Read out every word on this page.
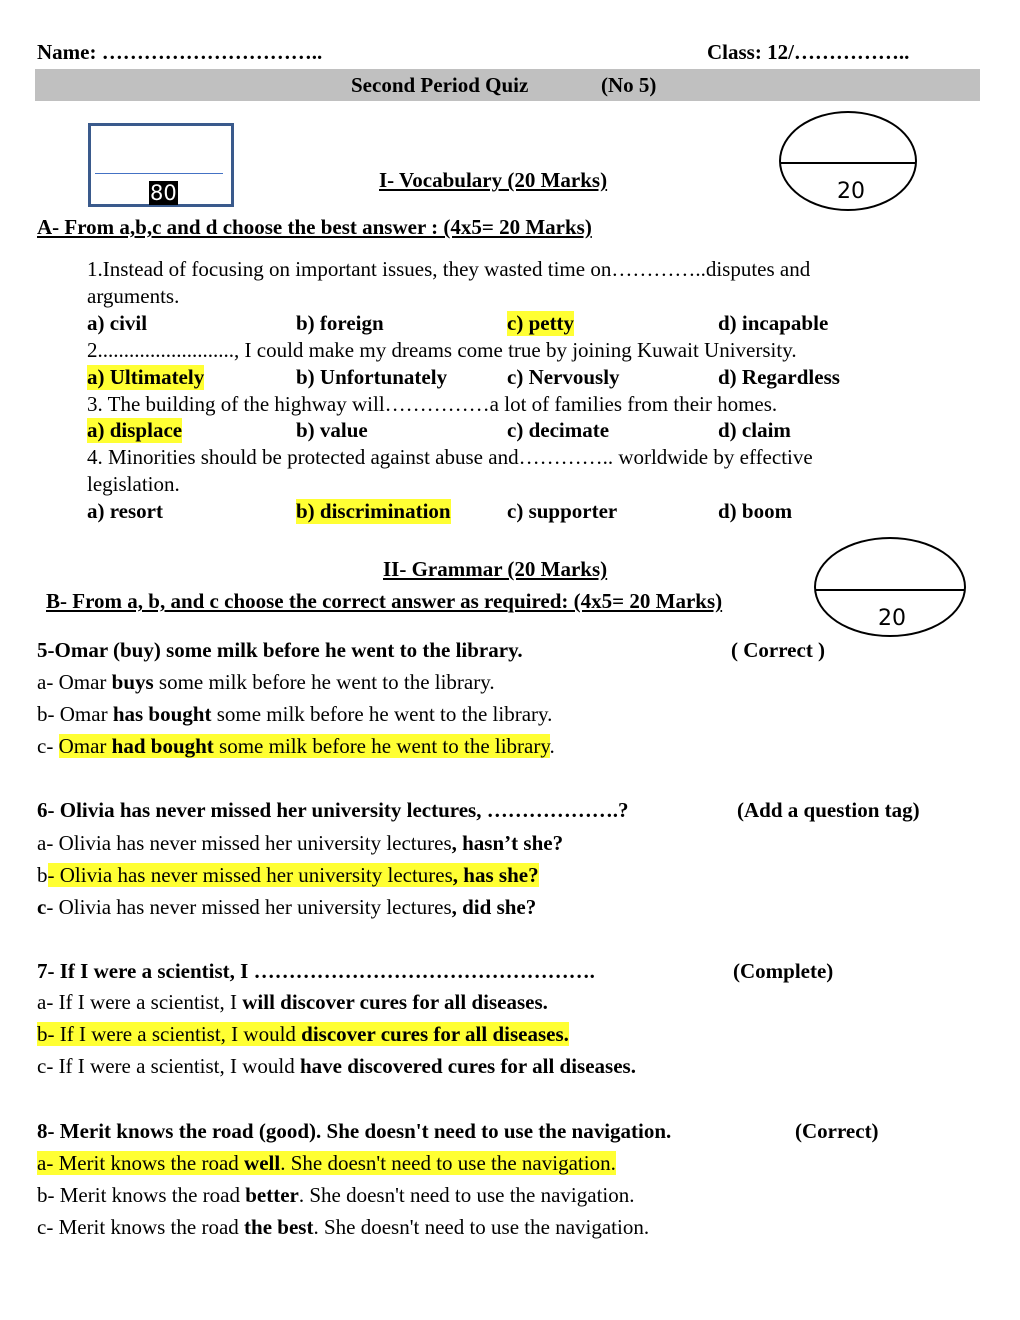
Name: …………………………..	Class: 12/……………..
Second Period Quiz	(No 5)
80	20
I- Vocabulary (20 Marks)
A- From a,b,c and d choose the best answer : (4x5= 20 Marks)
1.Instead of focusing on important issues, they wasted time on…………..disputes and
arguments.
a) civil	b) foreign	c) petty	d) incapable
2.........................., I could make my dreams come true by joining Kuwait University.
a) Ultimately	b) Unfortunately	c) Nervously	d) Regardless
3. The building of the highway will……………a lot of families from their homes.
a) displace	b) value	c) decimate	d) claim
4. Minorities should be protected against abuse and………….. worldwide by effective
legislation.
a) resort	b) discrimination	c) supporter	d) boom
20
II- Grammar (20 Marks)
B- From a, b, and c choose the correct answer as required: (4x5= 20 Marks)
5-Omar (buy) some milk before he went to the library.	( Correct )
a- Omar buys some milk before he went to the library.
b- Omar has bought some milk before he went to the library.
c- Omar had bought some milk before he went to the library.
6- Olivia has never missed her university lectures, ……………….?	(Add a question tag)
a- Olivia has never missed her university lectures, hasn’t she?
b- Olivia has never missed her university lectures, has she?
c- Olivia has never missed her university lectures, did she?
7- If I were a scientist, I ………………………………………….	(Complete)
a- If I were a scientist, I will discover cures for all diseases.
b- If I were a scientist, I would discover cures for all diseases.
c- If I were a scientist, I would have discovered cures for all diseases.
8- Merit knows the road (good). She doesn't need to use the navigation.	(Correct)
a- Merit knows the road well. She doesn't need to use the navigation.
b- Merit knows the road better. She doesn't need to use the navigation.
c- Merit knows the road the best. She doesn't need to use the navigation.
